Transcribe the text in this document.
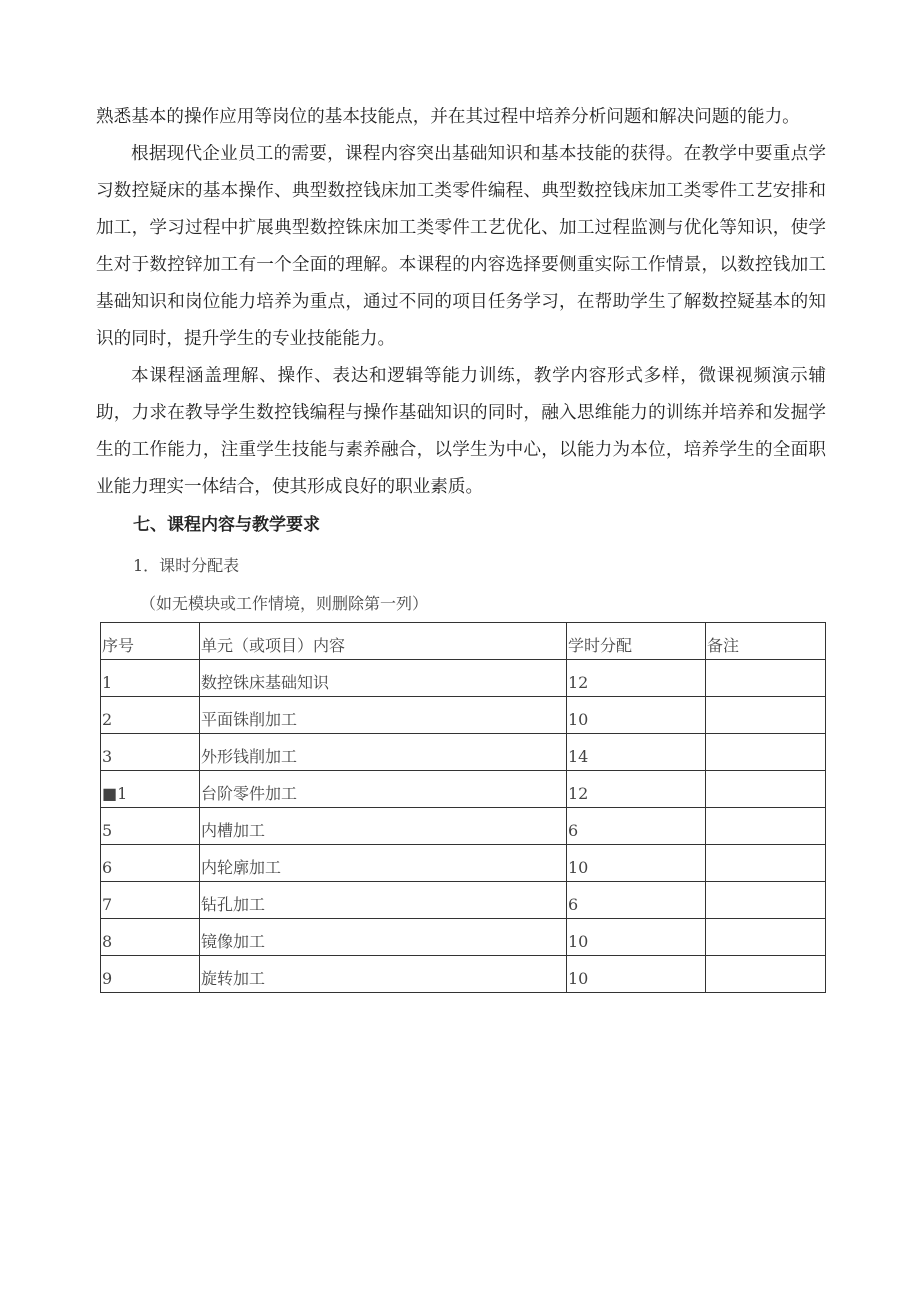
熟悉基本的操作应用等岗位的基本技能点，并在其过程中培养分析问题和解决问题的能力。

根据现代企业员工的需要，课程内容突出基础知识和基本技能的获得。在教学中要重点学习数控疑床的基本操作、典型数控钱床加工类零件编程、典型数控钱床加工类零件工艺安排和加工，学习过程中扩展典型数控铢床加工类零件工艺优化、加工过程监测与优化等知识，使学生对于数控锌加工有一个全面的理解。本课程的内容选择要侧重实际工作情景，以数控钱加工基础知识和岗位能力培养为重点，通过不同的项目任务学习，在帮助学生了解数控疑基本的知识的同时，提升学生的专业技能能力。

本课程涵盖理解、操作、表达和逻辑等能力训练，教学内容形式多样，微课视频演示辅助，力求在教导学生数控钱编程与操作基础知识的同时，融入思维能力的训练并培养和发掘学生的工作能力，注重学生技能与素养融合，以学生为中心，以能力为本位，培养学生的全面职业能力理实一体结合，使其形成良好的职业素质。

七、课程内容与教学要求
1．课时分配表
（如无模块或工作情境，则删除第一列）
序号	单元（或项目）内容	学时分配	备注
1	数控铢床基础知识	12	
2	平面铢削加工	10	
3	外形钱削加工	14	
■1	台阶零件加工	12	
5	内槽加工	6	
6	内轮廓加工	10	
7	钻孔加工	6	
8	镜像加工	10	
9	旋转加工	10	
